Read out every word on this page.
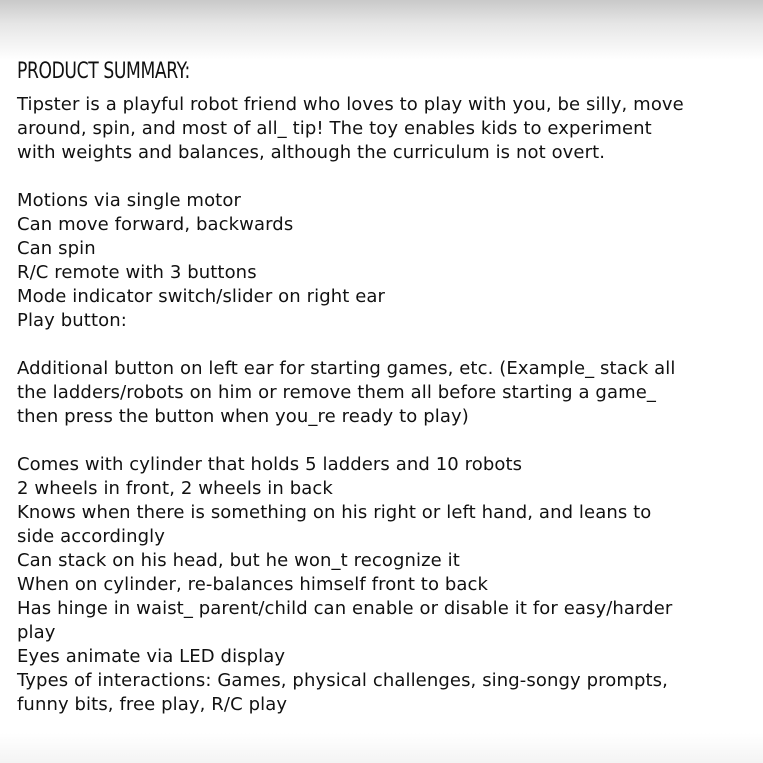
PRODUCT SUMMARY:
Tipster is a playful robot friend who loves to play with you, be silly, move
around, spin, and most of all_ tip! The toy enables kids to experiment
with weights and balances, although the curriculum is not overt.
Motions via single motor
Can move forward, backwards
Can spin
R/C remote with 3 buttons
Mode indicator switch/slider on right ear
Play button:
Additional button on left ear for starting games, etc. (Example_ stack all
the ladders/robots on him or remove them all before starting a game_
then press the button when you_re ready to play)
Comes with cylinder that holds 5 ladders and 10 robots
2 wheels in front, 2 wheels in back
Knows when there is something on his right or left hand, and leans to
side accordingly
Can stack on his head, but he won_t recognize it
When on cylinder, re-balances himself front to back
Has hinge in waist_ parent/child can enable or disable it for easy/harder
play
Eyes animate via LED display
Types of interactions: Games, physical challenges, sing-songy prompts,
funny bits, free play, R/C play
